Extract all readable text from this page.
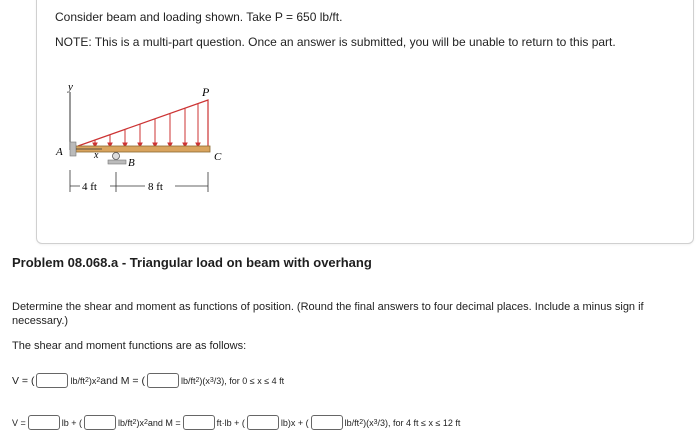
Consider beam and loading shown. Take P = 650 lb/ft.
NOTE: This is a multi-part question. Once an answer is submitted, you will be unable to return to this part.
y	P
A	x
B	C
4 ft	8 ft
Problem 08.068.a - Triangular load on beam with overhang
Determine the shear and moment as functions of position. (Round the final answers to four decimal places. Include a minus sign if necessary.)
The shear and moment functions are as follows:
V = (	lb/ft 2 )x 2 and M = (	lb/ft 2 )(x 3 /3), for 0 ≤ x ≤ 4 ft
V =	lb + (	lb/ft 2 )x 2 and M =	ft·lb + (	lb)x + (	lb/ft 2 )(x 3 /3), for 4 ft ≤ x ≤ 12 ft
